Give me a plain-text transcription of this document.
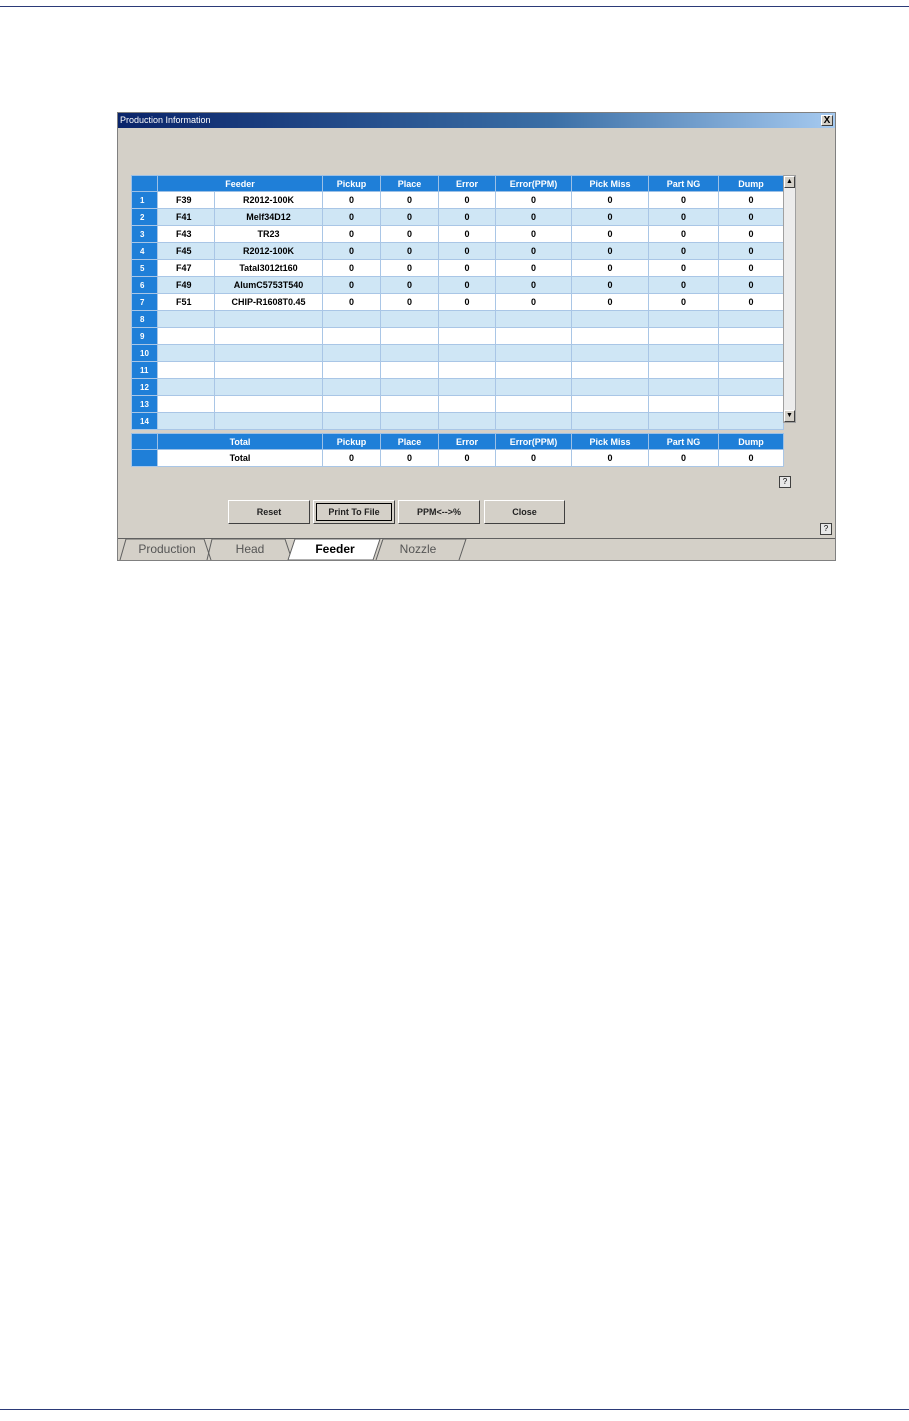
Production Information	X
	Feeder		Pickup	Place	Error	Error(PPM)	Pick Miss	Part NG	Dump
1	F39	R2012-100K	0	0	0	0	0	0	0
2	F41	Melf34D12	0	0	0	0	0	0	0
3	F43	TR23	0	0	0	0	0	0	0
4	F45	R2012-100K	0	0	0	0	0	0	0
5	F47	Tatal3012t160	0	0	0	0	0	0	0
6	F49	AlumC5753T540	0	0	0	0	0	0	0
7	F51	CHIP-R1608T0.45	0	0	0	0	0	0	0
8									
9									
10									
11									
12									
13									
14									
▲
▼
	Total	Pickup	Place	Error	Error(PPM)	Pick Miss	Part NG	Dump
	Total	0	0	0	0	0	0	0
?
Reset	Print To File	PPM<-->%	Close
?
Production	Head	Feeder	Nozzle
